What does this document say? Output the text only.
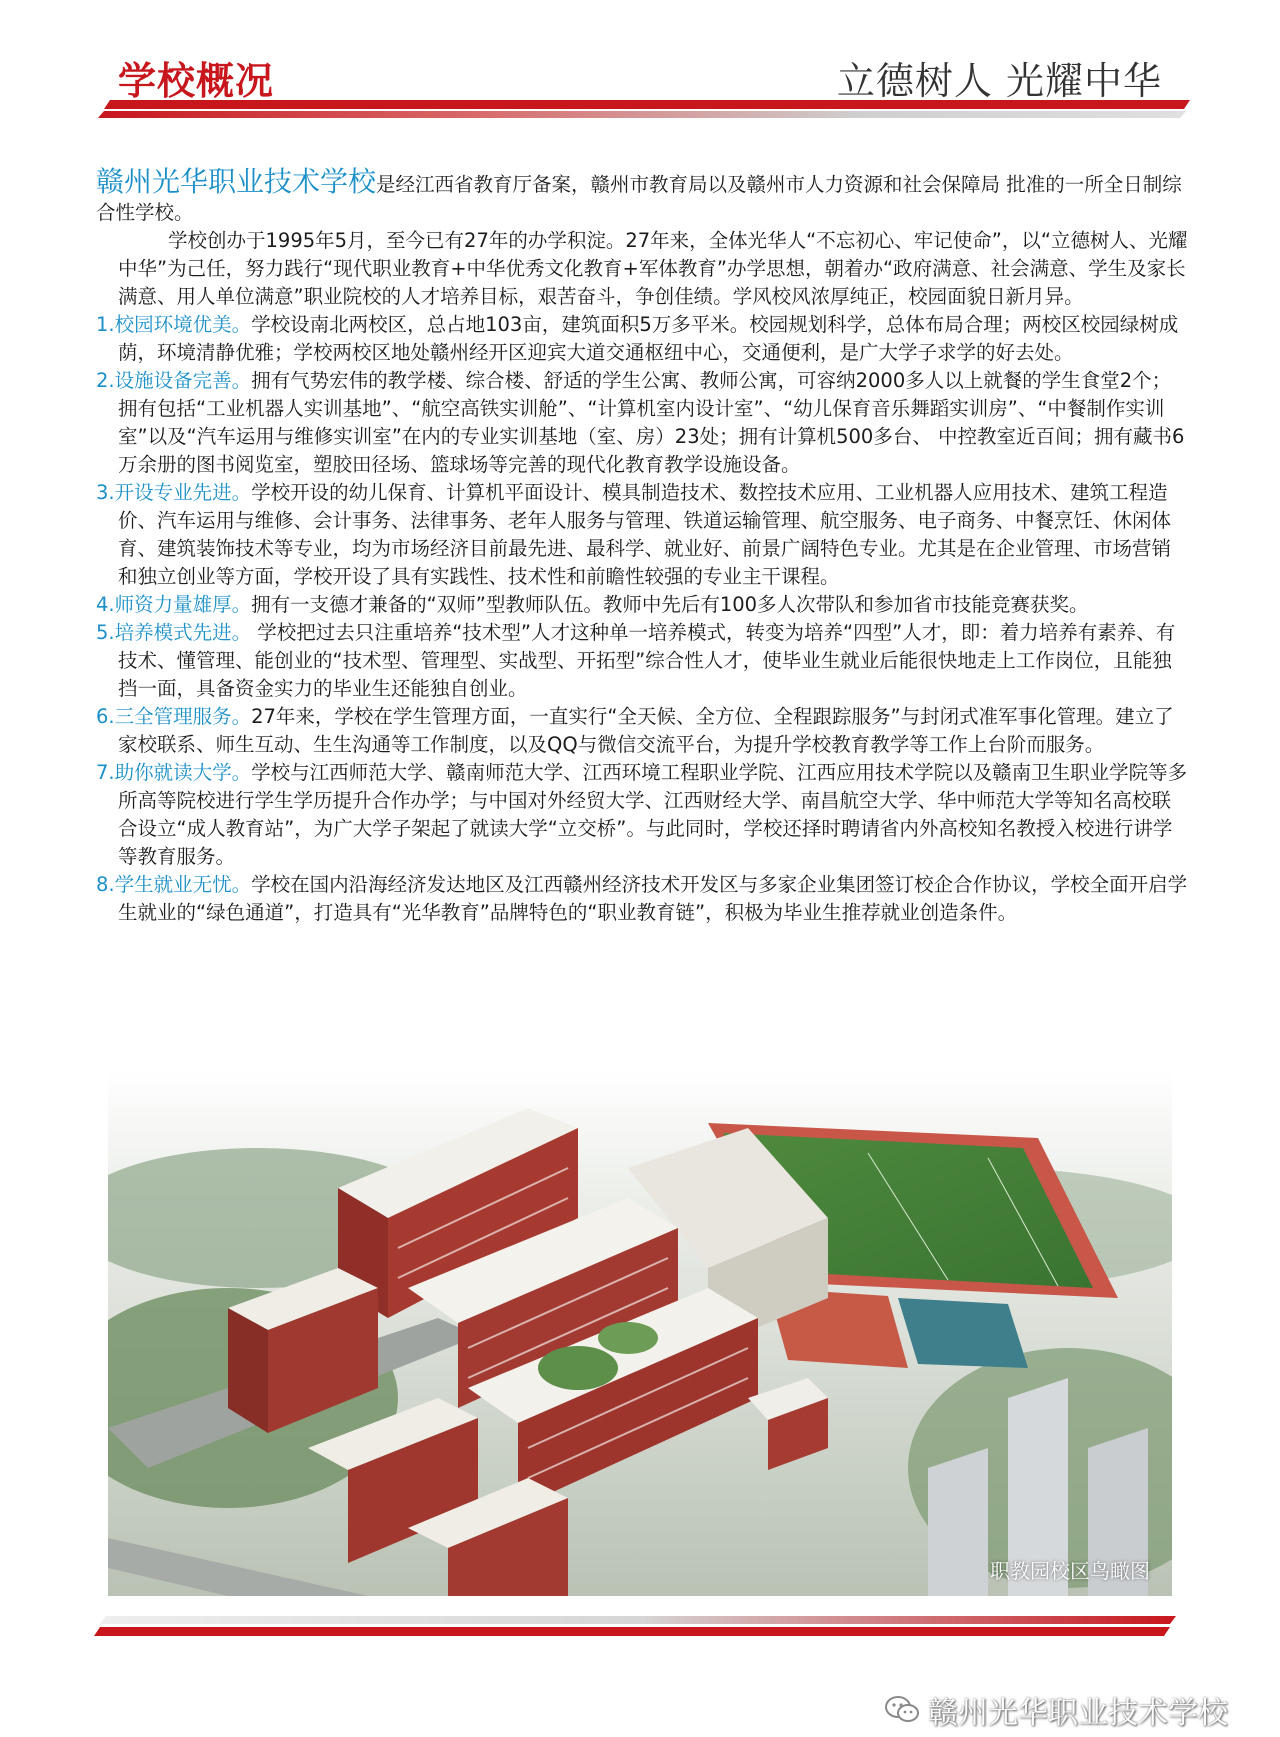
学校概况	立德树人 光耀中华

赣州光华职业技术学校是经江西省教育厅备案，赣州市教育局以及赣州市人力资源和社会保障局 批准的一所全日制综合性学校。

学校创办于1995年5月，至今已有27年的办学积淀。27年来，全体光华人“不忘初心、牢记使命”，以“立德树人、光耀中华”为己任，努力践行“现代职业教育+中华优秀文化教育+军体教育”办学思想，朝着办“政府满意、社会满意、学生及家长满意、用人单位满意”职业院校的人才培养目标，艰苦奋斗，争创佳绩。学风校风浓厚纯正，校园面貌日新月异。

1.校园环境优美。学校设南北两校区，总占地103亩，建筑面积5万多平米。校园规划科学，总体布局合理；两校区校园绿树成荫，环境清静优雅；学校两校区地处赣州经开区迎宾大道交通枢纽中心，交通便利，是广大学子求学的好去处。

2.设施设备完善。拥有气势宏伟的教学楼、综合楼、舒适的学生公寓、教师公寓，可容纳2000多人以上就餐的学生食堂2个；拥有包括“工业机器人实训基地”、“航空高铁实训舱”、“计算机室内设计室”、“幼儿保育音乐舞蹈实训房”、“中餐制作实训室”以及“汽车运用与维修实训室”在内的专业实训基地（室、房）23处；拥有计算机500多台、 中控教室近百间；拥有藏书6万余册的图书阅览室，塑胶田径场、篮球场等完善的现代化教育教学设施设备。

3.开设专业先进。学校开设的幼儿保育、计算机平面设计、模具制造技术、数控技术应用、工业机器人应用技术、建筑工程造价、汽车运用与维修、会计事务、法律事务、老年人服务与管理、铁道运输管理、航空服务、电子商务、中餐烹饪、休闲体育、建筑装饰技术等专业，均为市场经济目前最先进、最科学、就业好、前景广阔特色专业。尤其是在企业管理、市场营销和独立创业等方面，学校开设了具有实践性、技术性和前瞻性较强的专业主干课程。

4.师资力量雄厚。拥有一支德才兼备的“双师”型教师队伍。教师中先后有100多人次带队和参加省市技能竞赛获奖。

5.培养模式先进。 学校把过去只注重培养“技术型”人才这种单一培养模式，转变为培养“四型”人才，即：着力培养有素养、有技术、懂管理、能创业的“技术型、管理型、实战型、开拓型”综合性人才，使毕业生就业后能很快地走上工作岗位，且能独挡一面，具备资金实力的毕业生还能独自创业。

6.三全管理服务。27年来，学校在学生管理方面，一直实行“全天候、全方位、全程跟踪服务”与封闭式准军事化管理。建立了家校联系、师生互动、生生沟通等工作制度，以及QQ与微信交流平台，为提升学校教育教学等工作上台阶而服务。

7.助你就读大学。学校与江西师范大学、赣南师范大学、江西环境工程职业学院、江西应用技术学院以及赣南卫生职业学院等多所高等院校进行学生学历提升合作办学；与中国对外经贸大学、江西财经大学、南昌航空大学、华中师范大学等知名高校联合设立“成人教育站”，为广大学子架起了就读大学“立交桥”。与此同时，学校还择时聘请省内外高校知名教授入校进行讲学等教育服务。

8.学生就业无忧。学校在国内沿海经济发达地区及江西赣州经济技术开发区与多家企业集团签订校企合作协议，学校全面开启学生就业的“绿色通道”，打造具有“光华教育”品牌特色的“职业教育链”，积极为毕业生推荐就业创造条件。

职教园校区鸟瞰图
赣州光华职业技术学校
